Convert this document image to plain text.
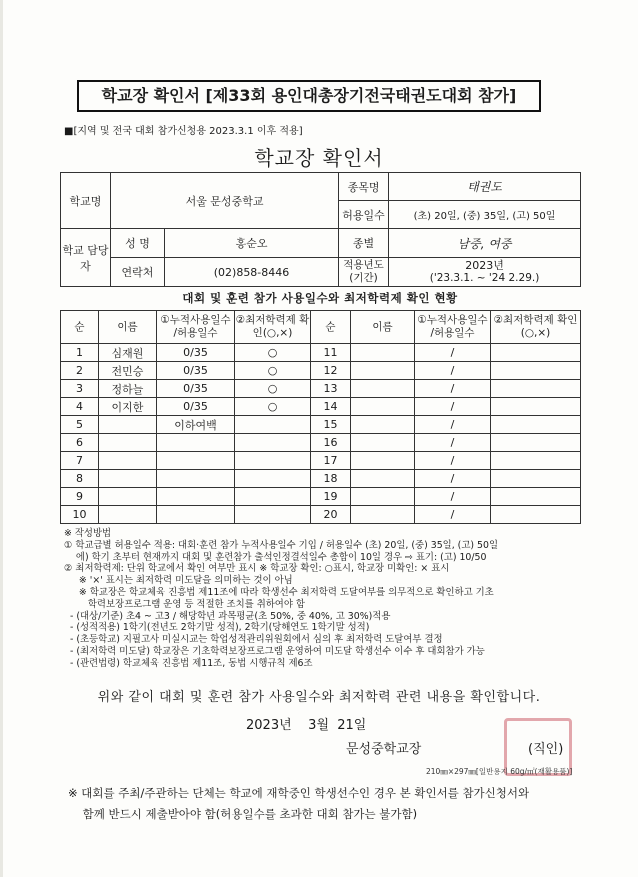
학교장 확인서 [제33회 용인대총장기전국태권도대회 참가]
■[지역 및 전국 대회 참가신청용 2023.3.1 이후 적용]
학교장 확인서
학교명	서울 문성중학교		종목명	태권도
			허용일수	(초) 20일, (중) 35일, (고) 50일
학교 담당자	성 명	홍순오	종별	남중, 여중
	연락처	(02)858-8446	적용년도 (기간)	2023년
('23.3.1. ~ '24 2.29.)
대회 및 훈련 참가 사용일수와 최저학력제 확인 현황
순	이름	①누적사용일수 /허용일수	②최저학력제 확인(○,×)	순	이름	①누적사용일수 /허용일수	②최저학력제 확인(○,×)
1	심재원	0/35	○	11		/	
2	전민승	0/35	○	12		/	
3	정하늘	0/35	○	13		/	
4	이지한	0/35	○	14		/	
5		이하여백		15		/	
6				16		/	
7				17		/	
8				18		/	
9				19		/	
10				20		/	
※ 작성방법
① 학교급별 허용일수 적용: 대회·훈련 참가 누적사용일수 기입 / 허용일수 (초) 20일, (중) 35일, (고) 50일
에) 학기 초부터 현재까지 대회 및 훈련참가 출석인정결석일수 총합이 10일 경우 ⇨ 표기: (고) 10/50
② 최저학력제: 단위 학교에서 확인 여부만 표시 ※ 학교장 확인: ○표시, 학교장 미확인: × 표시
※ '×' 표시는 최저학력 미도달을 의미하는 것이 아님
※ 학교장은 학교체육 진흥법 제11조에 따라 학생선수 최저학력 도달여부를 의무적으로 확인하고 기초
학력보장프로그램 운영 등 적절한 조치를 취하여야 함
- (대상/기준) 초4 ~ 고3 / 해당학년 과목평균(초 50%, 중 40%, 고 30%)적용
- (성적적용) 1학기(전년도 2학기말 성적), 2학기(당해연도 1학기말 성적)
- (초등학교) 지필고사 미실시교는 학업성적관리위원회에서 심의 후 최저학력 도달여부 결정
- (최저학력 미도달) 학교장은 기초학력보장프로그램 운영하여 미도달 학생선수 이수 후 대회참가 가능
- (관련법령) 학교체육 진흥법 제11조, 동법 시행규칙 제6조
위와 같이 대회 및 훈련 참가 사용일수와 최저학력 관련 내용을 확인합니다.
2023년    3월  21일
문성중학교장	(직인)
210㎜×297㎜[일반용지 60g/㎡(재활용품)]
※ 대회를 주최/주관하는 단체는 학교에 재학중인 학생선수인 경우 본 확인서를 참가신청서와
함께 반드시 제출받아야 함(허용일수를 초과한 대회 참가는 불가함)
